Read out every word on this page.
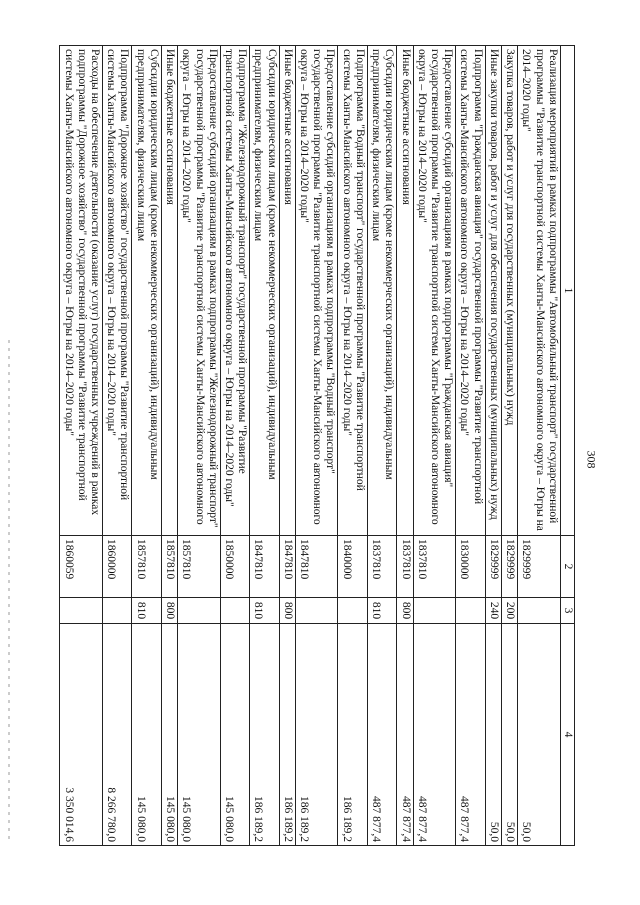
308

1	2	3	4
Реализация мероприятий в рамках подпрограммы "Автомобильный транспорт" государственной программы "Развитие транспортной системы Ханты-Мансийского автономного округа – Югры на 2014–2020 годы"	1829999		50,0
Закупка товаров, работ и услуг для государственных (муниципальных) нужд	1829999	200	50,0
Иные закупки товаров, работ и услуг для обеспечения государственных (муниципальных) нужд	1829999	240	50,0
Подпрограмма "Гражданская авиация" государственной программы "Развитие транспортной системы Ханты-Мансийского автономного округа – Югры на 2014–2020 годы"	1830000		487 877,4
Предоставление субсидий организациям в рамках подпрограммы "Гражданская авиация" государственной программы "Развитие транспортной системы Ханты-Мансийского автономного округа – Югры на 2014–2020 годы"	1837810		487 877,4
Иные бюджетные ассигнования	1837810	800	487 877,4
Субсидии юридическим лицам (кроме некоммерческих организаций), индивидуальным предпринимателям, физическим лицам	1837810	810	487 877,4
Подпрограмма "Водный транспорт" государственной программы "Развитие транспортной системы Ханты-Мансийского автономного округа – Югры на 2014–2020 годы"	1840000		186 189,2
Предоставление субсидий организациям в рамках подпрограммы "Водный транспорт" государственной программы "Развитие транспортной системы Ханты-Мансийского автономного округа – Югры на 2014–2020 годы"	1847810		186 189,2
Иные бюджетные ассигнования	1847810	800	186 189,2
Субсидии юридическим лицам (кроме некоммерческих организаций), индивидуальным предпринимателям, физическим лицам	1847810	810	186 189,2
Подпрограмма "Железнодорожный транспорт" государственной программы "Развитие транспортной системы Ханты-Мансийского автономного округа – Югры на 2014–2020 годы"	1850000		145 080,0
Предоставление субсидий организациям в рамках подпрограммы "Железнодорожный транспорт" государственной программы "Развитие транспортной системы Ханты-Мансийского автономного округа – Югры на 2014–2020 годы"	1857810		145 080,0
Иные бюджетные ассигнования	1857810	800	145 080,0
Субсидии юридическим лицам (кроме некоммерческих организаций), индивидуальным предпринимателям, физическим лицам	1857810	810	145 080,0
Подпрограмма "Дорожное хозяйство" государственной программы "Развитие транспортной системы Ханты-Мансийского автономного округа – Югры на 2014–2020 годы"	1860000		8 266 780,0
Расходы на обеспечение деятельности (оказание услуг) государственных учреждений в рамках подпрограммы "Дорожное хозяйство" государственной программы "Развитие транспортной системы Ханты-Мансийского автономного округа – Югры на 2014–2020 годы"	1860059		3 350 014,6
